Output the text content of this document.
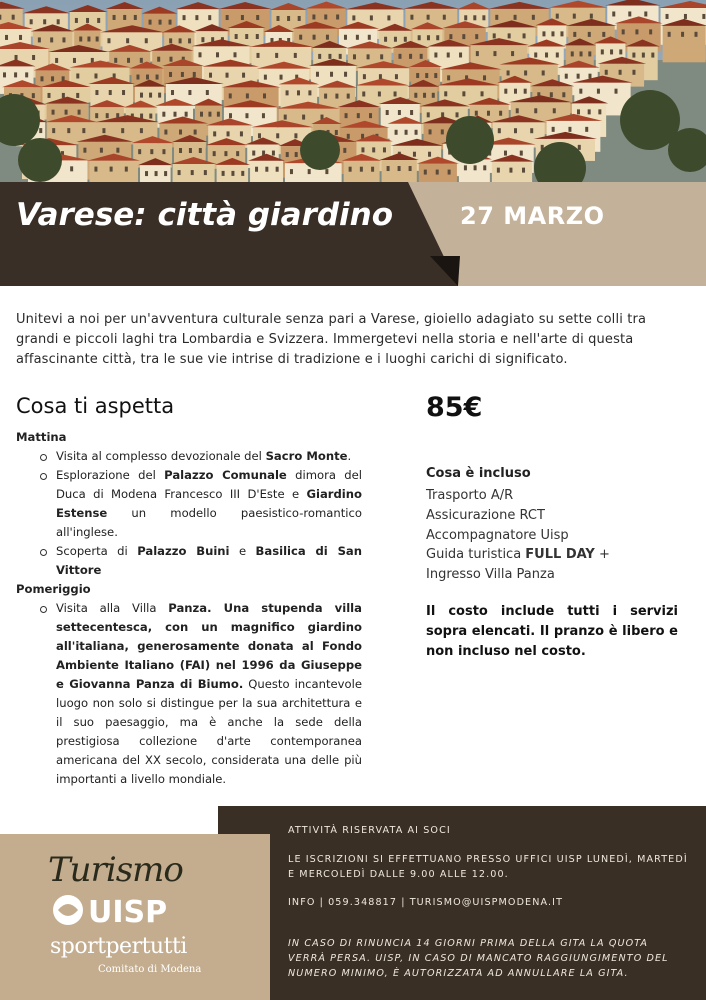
Varese: città giardino	27 MARZO

Unitevi a noi per un'avventura culturale senza pari a Varese, gioiello adagiato su sette colli tra grandi e piccoli laghi tra Lombardia e Svizzera. Immergetevi nella storia e nell'arte di questa affascinante città, tra le sue vie intrise di tradizione e i luoghi carichi di significato.

Cosa ti aspetta
Mattina
Visita al complesso devozionale del Sacro Monte.
Esplorazione del Palazzo Comunale dimora del Duca di Modena Francesco III D'Este e Giardino Estense un modello paesistico-romantico all'inglese.
Scoperta di Palazzo Buini e Basilica di San Vittore
Pomeriggio
Visita alla Villa Panza. Una stupenda villa settecentesca, con un magnifico giardino all'italiana, generosamente donata al Fondo Ambiente Italiano (FAI) nel 1996 da Giuseppe e Giovanna Panza di Biumo. Questo incantevole luogo non solo si distingue per la sua architettura e il suo paesaggio, ma è anche la sede della prestigiosa collezione d'arte contemporanea americana del XX secolo, considerata una delle più importanti a livello mondiale.
85€
Cosa è incluso
Trasporto A/R
Assicurazione RCT
Accompagnatore Uisp
Guida turistica FULL DAY +
Ingresso Villa Panza

Il costo include tutti i servizi sopra elencati. Il pranzo è libero e non incluso nel costo.

ATTIVITÀ RISERVATA AI SOCI
LE ISCRIZIONI SI EFFETTUANO PRESSO UFFICI UISP LUNEDÌ, MARTEDÌ E MERCOLEDÌ DALLE 9.00 ALLE 12.00.
INFO | 059.348817 | TURISMO@UISPMODENA.IT
IN CASO DI RINUNCIA 14 GIORNI PRIMA DELLA GITA LA QUOTA VERRÀ PERSA. UISP, IN CASO DI MANCATO RAGGIUNGIMENTO DEL NUMERO MINIMO, È AUTORIZZATA AD ANNULLARE LA GITA.
Turismo
UISP
sportpertutti
Comitato di Modena
